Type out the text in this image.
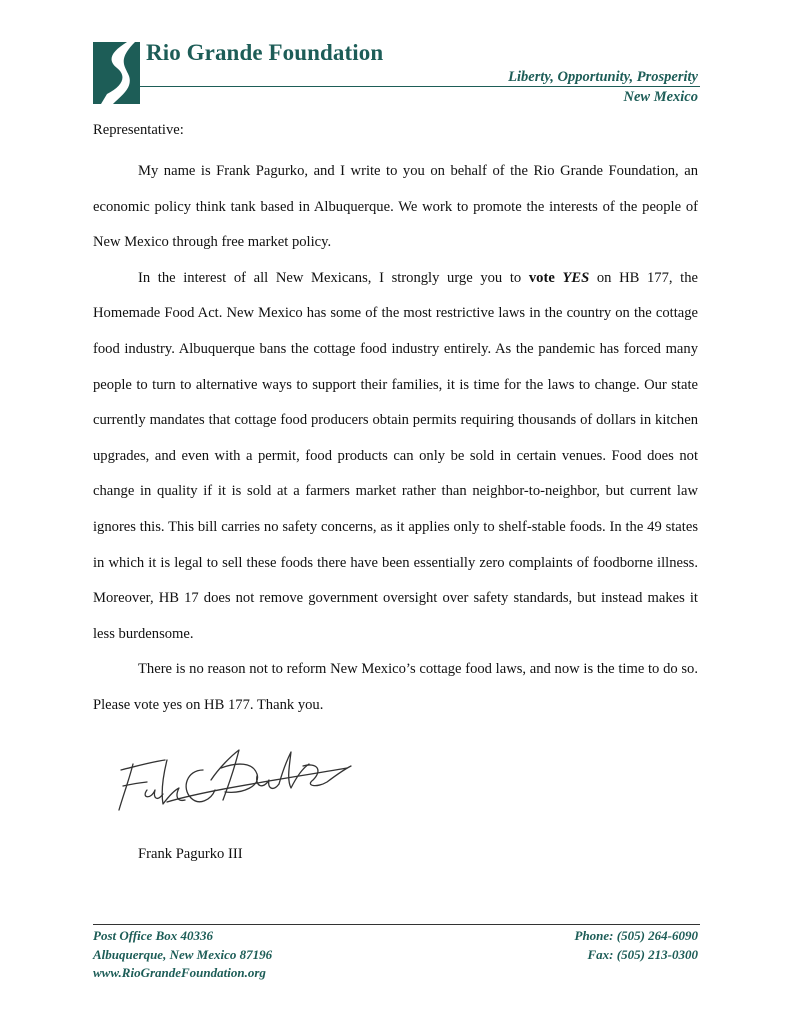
Rio Grande Foundation
Liberty, Opportunity, Prosperity
New Mexico
Representative:

My name is Frank Pagurko, and I write to you on behalf of the Rio Grande Foundation, an economic policy think tank based in Albuquerque. We work to promote the interests of the people of New Mexico through free market policy.

In the interest of all New Mexicans, I strongly urge you to vote YES on HB 177, the Homemade Food Act. New Mexico has some of the most restrictive laws in the country on the cottage food industry. Albuquerque bans the cottage food industry entirely. As the pandemic has forced many people to turn to alternative ways to support their families, it is time for the laws to change. Our state currently mandates that cottage food producers obtain permits requiring thousands of dollars in kitchen upgrades, and even with a permit, food products can only be sold in certain venues. Food does not change in quality if it is sold at a farmers market rather than neighbor-to-neighbor, but current law ignores this. This bill carries no safety concerns, as it applies only to shelf-stable foods. In the 49 states in which it is legal to sell these foods there have been essentially zero complaints of foodborne illness. Moreover, HB 17 does not remove government oversight over safety standards, but instead makes it less burdensome.

There is no reason not to reform New Mexico’s cottage food laws, and now is the time to do so. Please vote yes on HB 177. Thank you.

Frank Pagurko III
Post Office Box 40336
Albuquerque, New Mexico 87196
www.RioGrandeFoundation.org
Phone: (505) 264-6090
Fax: (505) 213-0300
